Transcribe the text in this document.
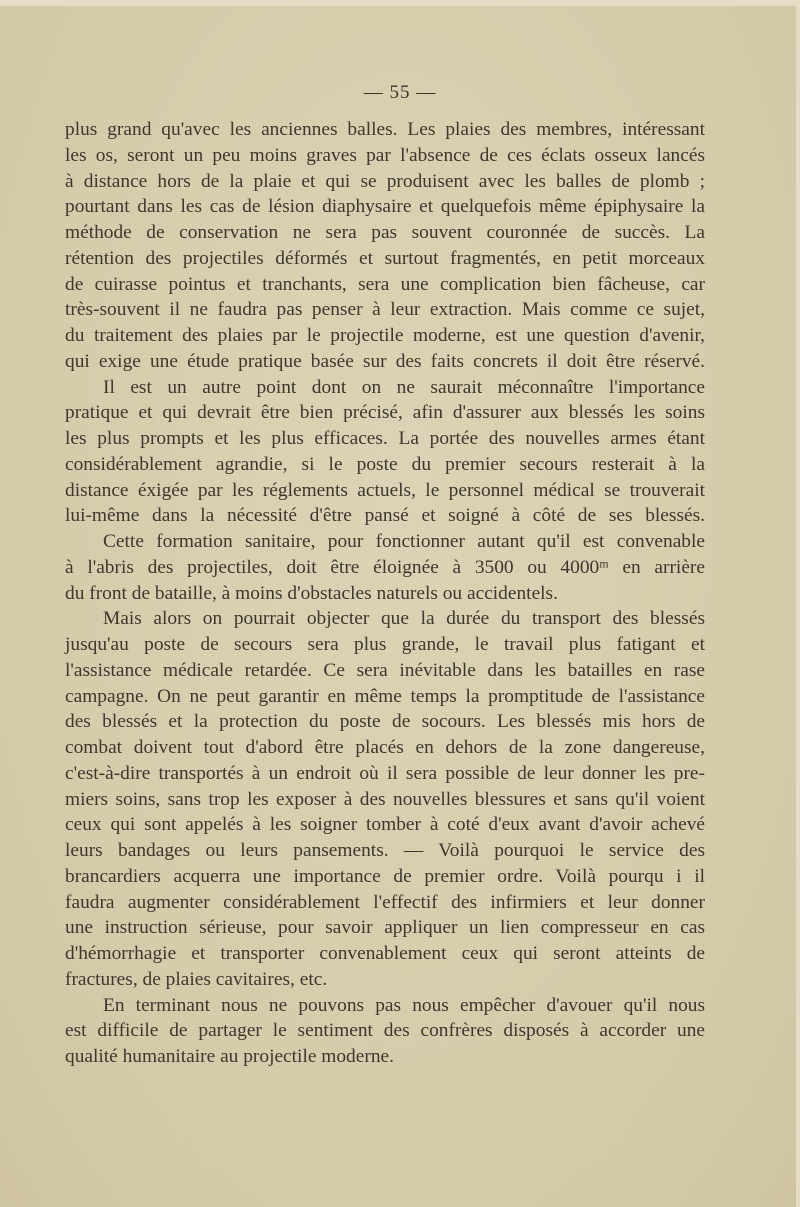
— 55 —
plus grand qu'avec les anciennes balles. Les plaies des membres, intéressant
les os, seront un peu moins graves par l'absence de ces éclats osseux lancés
à distance hors de la plaie et qui se produisent avec les balles de plomb ;
pourtant dans les cas de lésion diaphysaire et quelquefois même épiphysaire la
méthode de conservation ne sera pas souvent couronnée de succès. La
rétention des projectiles déformés et surtout fragmentés, en petit morceaux
de cuirasse pointus et tranchants, sera une complication bien fâcheuse, car
très-souvent il ne faudra pas penser à leur extraction. Mais comme ce sujet,
du traitement des plaies par le projectile moderne, est une question d'avenir,
qui exige une étude pratique basée sur des faits concrets il doit être réservé.
Il est un autre point dont on ne saurait méconnaître l'importance
pratique et qui devrait être bien précisé, afin d'assurer aux blessés les soins
les plus prompts et les plus efficaces. La portée des nouvelles armes étant
considérablement agrandie, si le poste du premier secours resterait à la
distance éxigée par les réglements actuels, le personnel médical se trouverait
lui-même dans la nécessité d'être pansé et soigné à côté de ses blessés.
Cette formation sanitaire, pour fonctionner autant qu'il est convenable
à l'abris des projectiles, doit être éloignée à 3500 ou 4000ᵐ en arrière
du front de bataille, à moins d'obstacles naturels ou accidentels.
Mais alors on pourrait objecter que la durée du transport des blessés
jusqu'au poste de secours sera plus grande, le travail plus fatigant et
l'assistance médicale retardée. Ce sera inévitable dans les batailles en rase
campagne. On ne peut garantir en même temps la promptitude de l'assistance
des blessés et la protection du poste de socours. Les blessés mis hors de
combat doivent tout d'abord être placés en dehors de la zone dangereuse,
c'est-à-dire transportés à un endroit où il sera possible de leur donner les pre-
miers soins, sans trop les exposer à des nouvelles blessures et sans qu'il voient
ceux qui sont appelés à les soigner tomber à coté d'eux avant d'avoir achevé
leurs bandages ou leurs pansements. — Voilà pourquoi le service des
brancardiers acquerra une importance de premier ordre. Voilà pourqu i il
faudra augmenter considérablement l'effectif des infirmiers et leur donner
une instruction sérieuse, pour savoir appliquer un lien compresseur en cas
d'hémorrhagie et transporter convenablement ceux qui seront atteints de
fractures, de plaies cavitaires, etc.
En terminant nous ne pouvons pas nous empêcher d'avouer qu'il nous
est difficile de partager le sentiment des confrères disposés à accorder une
qualité humanitaire au projectile moderne.
